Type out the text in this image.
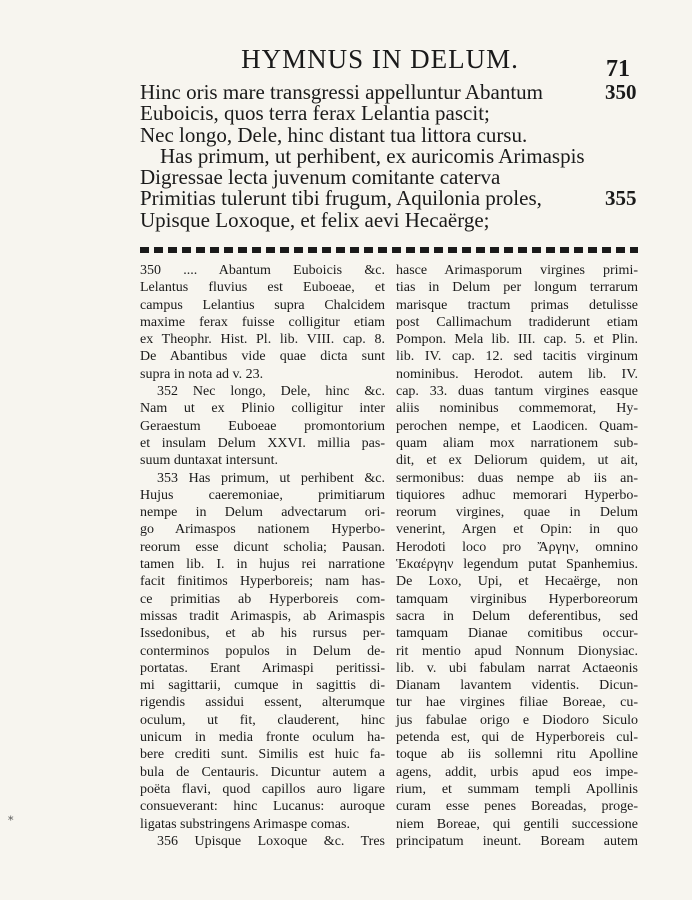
HYMNUS IN DELUM.	71
Hinc oris mare transgressi appelluntur Abantum	350
Euboicis, quos terra ferax Lelantia pascit;
Nec longo, Dele, hinc distant tua littora cursu.
Has primum, ut perhibent, ex auricomis Arimaspis
Digressae lecta juvenum comitante caterva
Primitias tulerunt tibi frugum, Aquilonia proles,	355
Upisque Loxoque, et felix aevi Hecaërge;
350 .... Abantum Euboicis &c.
Lelantus fluvius est Euboeae, et
campus Lelantius supra Chalcidem
maxime ferax fuisse colligitur etiam
ex Theophr. Hist. Pl. lib. VIII. cap. 8.
De Abantibus vide quae dicta sunt
supra in nota ad v. 23.
352 Nec longo, Dele, hinc &c.
Nam ut ex Plinio colligitur inter
Geraestum Euboeae promontorium
et insulam Delum XXVI. millia pas-
suum duntaxat intersunt.
353 Has primum, ut perhibent &c.
Hujus caeremoniae, primitiarum
nempe in Delum advectarum ori-
go Arimaspos nationem Hyperbo-
reorum esse dicunt scholia; Pausan.
tamen lib. I. in hujus rei narratione
facit finitimos Hyperboreis; nam has-
ce primitias ab Hyperboreis com-
missas tradit Arimaspis, ab Arimaspis
Issedonibus, et ab his rursus per-
conterminos populos in Delum de-
portatas. Erant Arimaspi peritissi-
mi sagittarii, cumque in sagittis di-
rigendis assidui essent, alterumque
oculum, ut fit, clauderent, hinc
unicum in media fronte oculum ha-
bere crediti sunt. Similis est huic fa-
bula de Centauris. Dicuntur autem a
poëta flavi, quod capillos auro ligare
consueverant: hinc Lucanus: auroque
ligatas substringens Arimaspe comas.
356 Upisque Loxoque &c. Tres
hasce Arimasporum virgines primi-
tias in Delum per longum terrarum
marisque tractum primas detulisse
post Callimachum tradiderunt etiam
Pompon. Mela lib. III. cap. 5. et Plin.
lib. IV. cap. 12. sed tacitis virginum
nominibus. Herodot. autem lib. IV.
cap. 33. duas tantum virgines easque
aliis nominibus commemorat, Hy-
perochen nempe, et Laodicen. Quam-
quam aliam mox narrationem sub-
dit, et ex Deliorum quidem, ut ait,
sermonibus: duas nempe ab iis an-
tiquiores adhuc memorari Hyperbo-
reorum virgines, quae in Delum
venerint, Argen et Opin: in quo
Herodoti loco pro Ἄργην, omnino
Ἑκαέργην legendum putat Spanhemius.
De Loxo, Upi, et Hecaërge, non
tamquam virginibus Hyperboreorum
sacra in Delum deferentibus, sed
tamquam Dianae comitibus occur-
rit mentio apud Nonnum Dionysiac.
lib. v. ubi fabulam narrat Actaeonis
Dianam lavantem videntis. Dicun-
tur hae virgines filiae Boreae, cu-
jus fabulae origo e Diodoro Siculo
petenda est, qui de Hyperboreis cul-
toque ab iis sollemni ritu Apolline
agens, addit, urbis apud eos impe-
rium, et summam templi Apollinis
curam esse penes Boreadas, proge-
niem Boreae, qui gentili successione
principatum ineunt. Boream autem
*
